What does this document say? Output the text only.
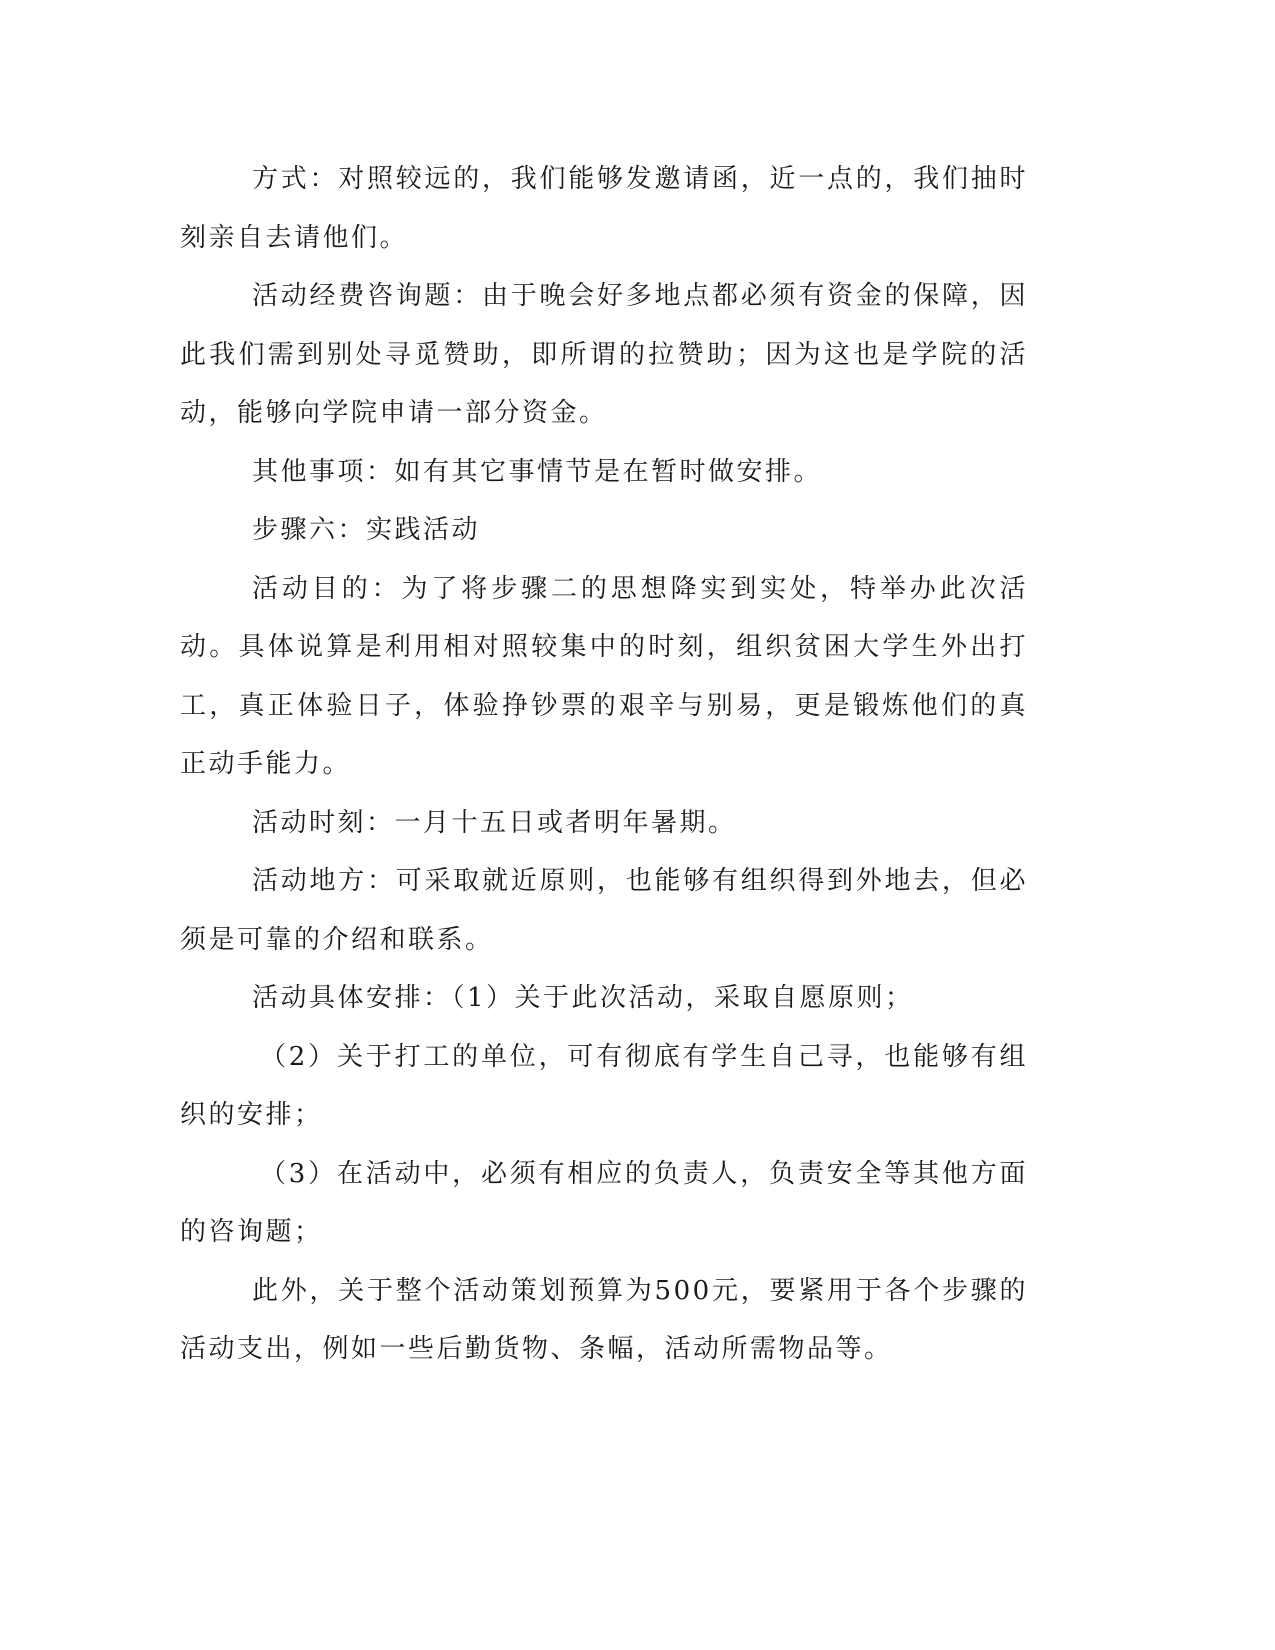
方式：对照较远的，我们能够发邀请函，近一点的，我们抽时刻亲自去请他们。

活动经费咨询题：由于晚会好多地点都必须有资金的保障，因此我们需到别处寻觅赞助，即所谓的拉赞助；因为这也是学院的活动，能够向学院申请一部分资金。

其他事项：如有其它事情节是在暂时做安排。

步骤六：实践活动

活动目的：为了将步骤二的思想降实到实处，特举办此次活动。具体说算是利用相对照较集中的时刻，组织贫困大学生外出打工，真正体验日子，体验挣钞票的艰辛与别易，更是锻炼他们的真正动手能力。

活动时刻：一月十五日或者明年暑期。

活动地方：可采取就近原则，也能够有组织得到外地去，但必须是可靠的介绍和联系。

活动具体安排：（1）关于此次活动，采取自愿原则；

（2）关于打工的单位，可有彻底有学生自己寻，也能够有组织的安排；

（3）在活动中，必须有相应的负责人，负责安全等其他方面的咨询题；

此外，关于整个活动策划预算为500元，要紧用于各个步骤的活动支出，例如一些后勤货物、条幅，活动所需物品等。
